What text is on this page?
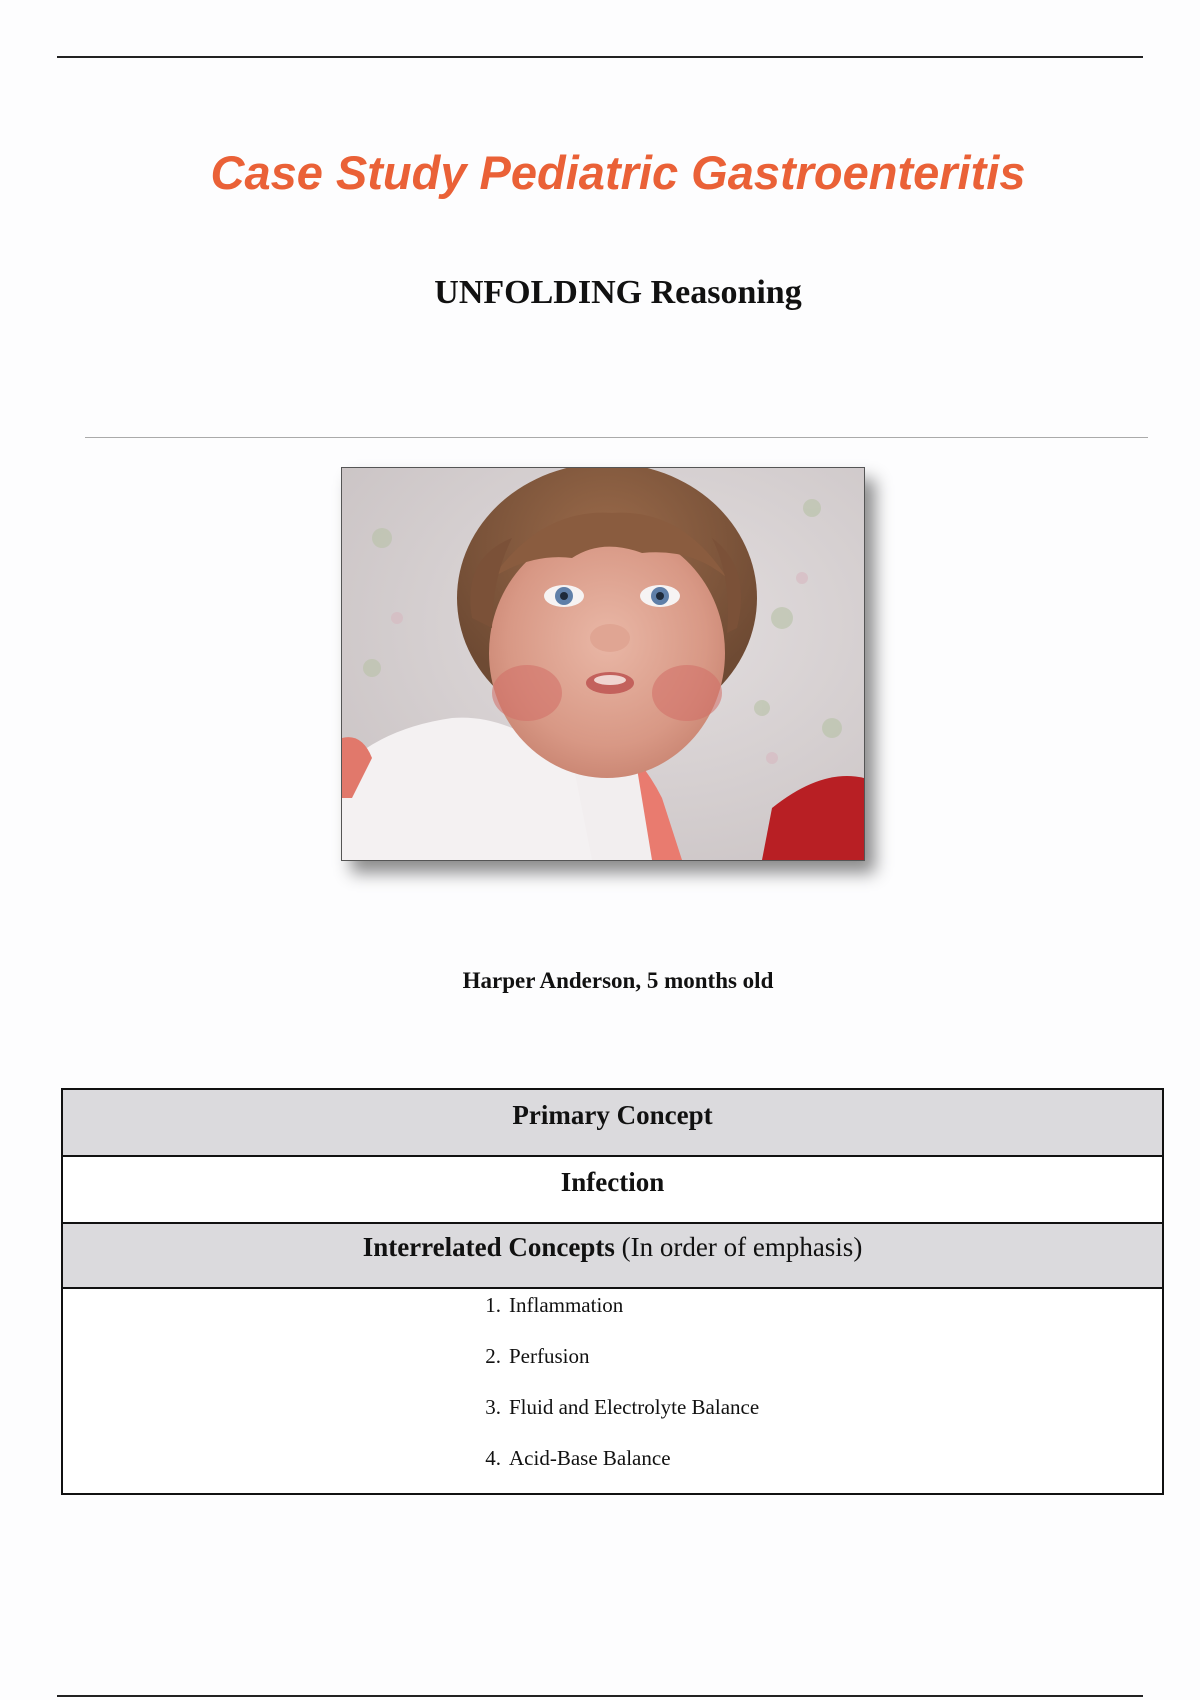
Case Study Pediatric Gastroenteritis
UNFOLDING Reasoning
Harper Anderson, 5 months old
Primary Concept
Infection
Interrelated Concepts (In order of emphasis)
1. Inflammation
2. Perfusion
3. Fluid and Electrolyte Balance
4. Acid-Base Balance
